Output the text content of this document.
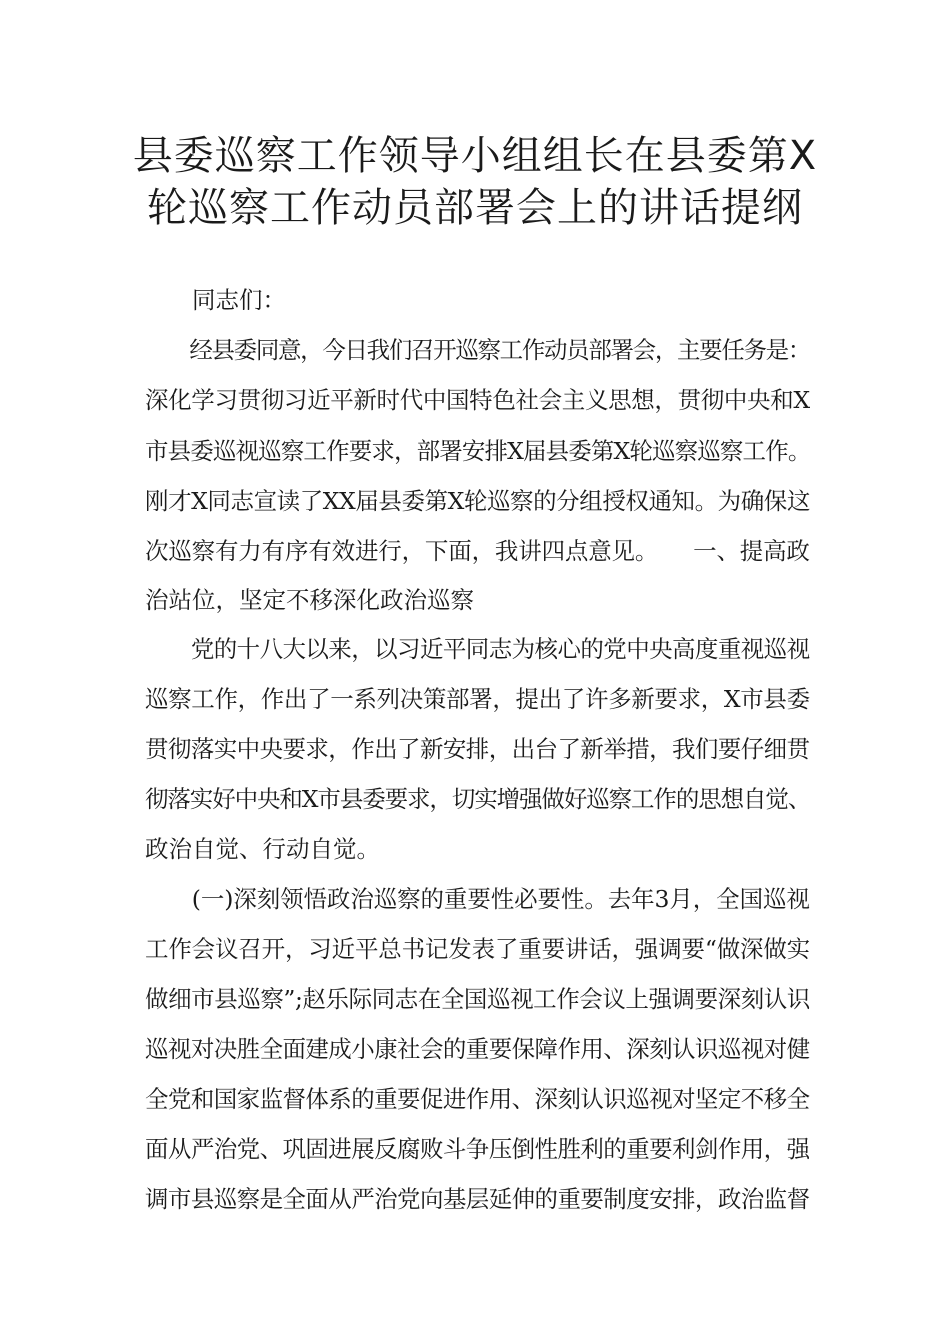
县委巡察工作领导小组组长在县委第X
轮巡察工作动员部署会上的讲话提纲

　　同志们：

　　经县委同意，今日我们召开巡察工作动员部署会，主要任务是：

深化学习贯彻习近平新时代中国特色社会主义思想，贯彻中央和X

市县委巡视巡察工作要求，部署安排X届县委第X轮巡察巡察工作。

刚才X同志宣读了XX届县委第X轮巡察的分组授权通知。为确保这

次巡察有力有序有效进行，下面，我讲四点意见。　　一、提高政

治站位，坚定不移深化政治巡察

　　党的十八大以来，以习近平同志为核心的党中央高度重视巡视

巡察工作，作出了一系列决策部署，提出了许多新要求，X市县委

贯彻落实中央要求，作出了新安排，出台了新举措，我们要仔细贯

彻落实好中央和X市县委要求，切实增强做好巡察工作的思想自觉、

政治自觉、行动自觉。

　　(一)深刻领悟政治巡察的重要性必要性。去年3月，全国巡视

工作会议召开，习近平总书记发表了重要讲话，强调要“做深做实

做细市县巡察”;赵乐际同志在全国巡视工作会议上强调要深刻认识

巡视对决胜全面建成小康社会的重要保障作用、深刻认识巡视对健

全党和国家监督体系的重要促进作用、深刻认识巡视对坚定不移全

面从严治党、巩固进展反腐败斗争压倒性胜利的重要利剑作用，强

调市县巡察是全面从严治党向基层延伸的重要制度安排，政治监督
